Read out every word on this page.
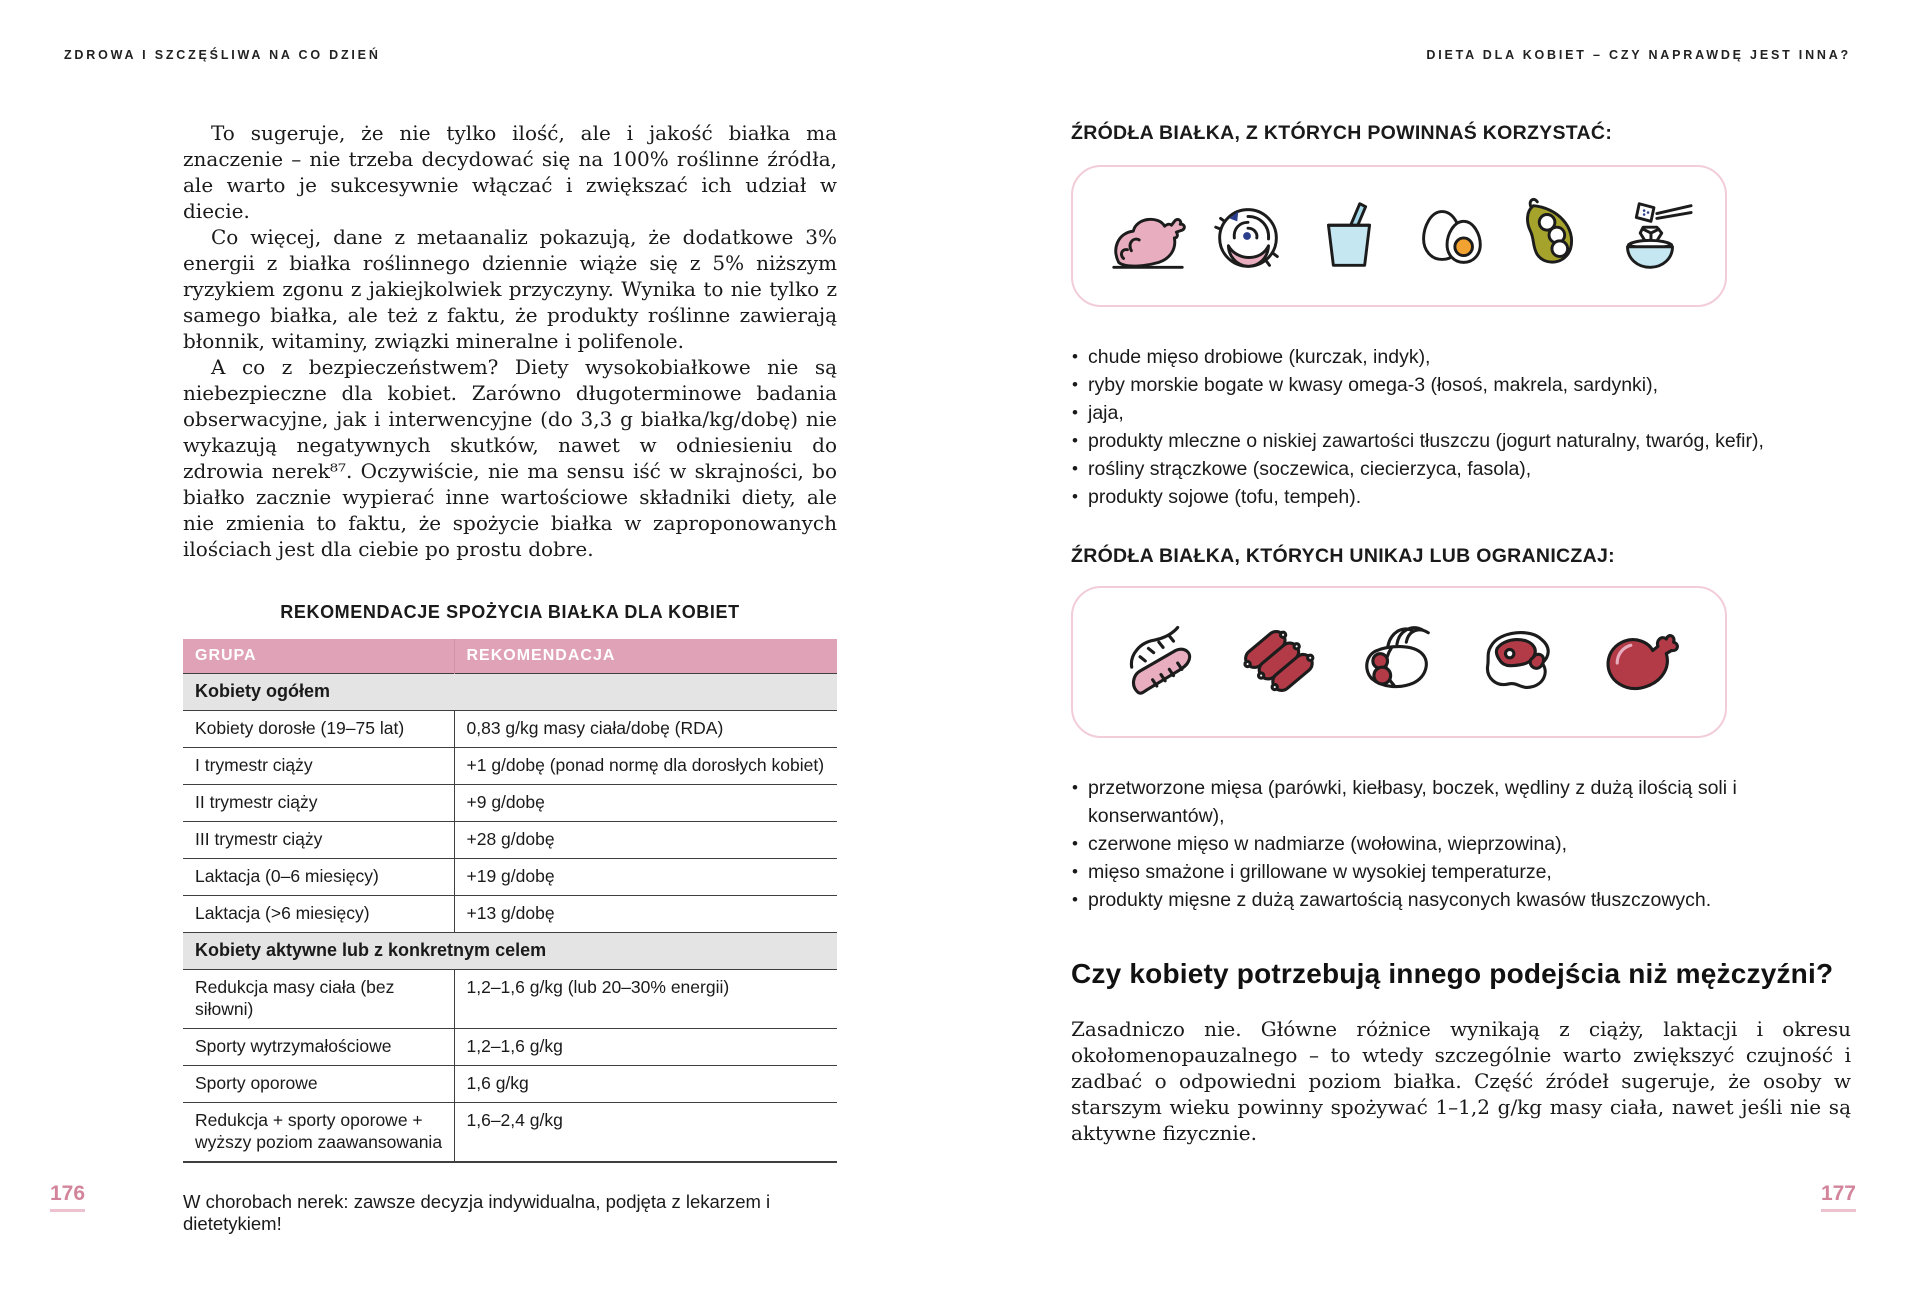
ZDROWA I SZCZĘŚLIWA NA CO DZIEŃ	DIETA DLA KOBIET – CZY NAPRAWDĘ JEST INNA?

To sugeruje, że nie tylko ilość, ale i jakość białka ma znaczenie – nie trzeba decydować się na 100% roślinne źródła, ale warto je sukcesywnie włączać i zwiększać ich udział w diecie.

Co więcej, dane z metaanaliz pokazują, że dodatkowe 3% energii z białka roślinnego dziennie wiąże się z 5% niższym ryzykiem zgonu z jakiejkolwiek przyczyny. Wynika to nie tylko z samego białka, ale też z faktu, że produkty roślinne zawierają błonnik, witaminy, związki mineralne i polifenole.

A co z bezpieczeństwem? Diety wysokobiałkowe nie są niebezpieczne dla kobiet. Zarówno długoterminowe badania obserwacyjne, jak i interwencyjne (do 3,3 g białka/kg/dobę) nie wykazują negatywnych skutków, nawet w odniesieniu do zdrowia nerek⁸⁷. Oczywiście, nie ma sensu iść w skrajności, bo białko zacznie wypierać inne wartościowe składniki diety, ale nie zmienia to faktu, że spożycie białka w zaproponowanych ilościach jest dla ciebie po prostu dobre.

REKOMENDACJE SPOŻYCIA BIAŁKA DLA KOBIET
GRUPA	REKOMENDACJA
Kobiety ogółem	
Kobiety dorosłe (19–75 lat)	0,83 g/kg masy ciała/dobę (RDA)
I trymestr ciąży	+1 g/dobę (ponad normę dla dorosłych kobiet)
II trymestr ciąży	+9 g/dobę
III trymestr ciąży	+28 g/dobę
Laktacja (0–6 miesięcy)	+19 g/dobę
Laktacja (>6 miesięcy)	+13 g/dobę
Kobiety aktywne lub z konkretnym celem	
Redukcja masy ciała (bez siłowni)	1,2–1,6 g/kg (lub 20–30% energii)
Sporty wytrzymałościowe	1,2–1,6 g/kg
Sporty oporowe	1,6 g/kg
Redukcja + sporty oporowe + wyższy poziom zaawansowania	1,6–2,4 g/kg
W chorobach nerek: zawsze decyzja indywidualna, podjęta z lekarzem i dietetykiem!
176
ŹRÓDŁA BIAŁKA, Z KTÓRYCH POWINNAŚ KORZYSTAĆ:
• chude mięso drobiowe (kurczak, indyk),
• ryby morskie bogate w kwasy omega-3 (łosoś, makrela, sardynki),
• jaja,
• produkty mleczne o niskiej zawartości tłuszczu (jogurt naturalny, twaróg, kefir),
• rośliny strączkowe (soczewica, ciecierzyca, fasola),
• produkty sojowe (tofu, tempeh).
ŹRÓDŁA BIAŁKA, KTÓRYCH UNIKAJ LUB OGRANICZAJ:
• przetworzone mięsa (parówki, kiełbasy, boczek, wędliny z dużą ilością soli i konserwantów),
• czerwone mięso w nadmiarze (wołowina, wieprzowina),
• mięso smażone i grillowane w wysokiej temperaturze,
• produkty mięsne z dużą zawartością nasyconych kwasów tłuszczowych.
Czy kobiety potrzebują innego podejścia niż mężczyźni?

Zasadniczo nie. Główne różnice wynikają z ciąży, laktacji i okresu okołomenopauzalnego – to wtedy szczególnie warto zwiększyć czujność i zadbać o odpowiedni poziom białka. Część źródeł sugeruje, że osoby w starszym wieku powinny spożywać 1–1,2 g/kg masy ciała, nawet jeśli nie są aktywne fizycznie.

177
